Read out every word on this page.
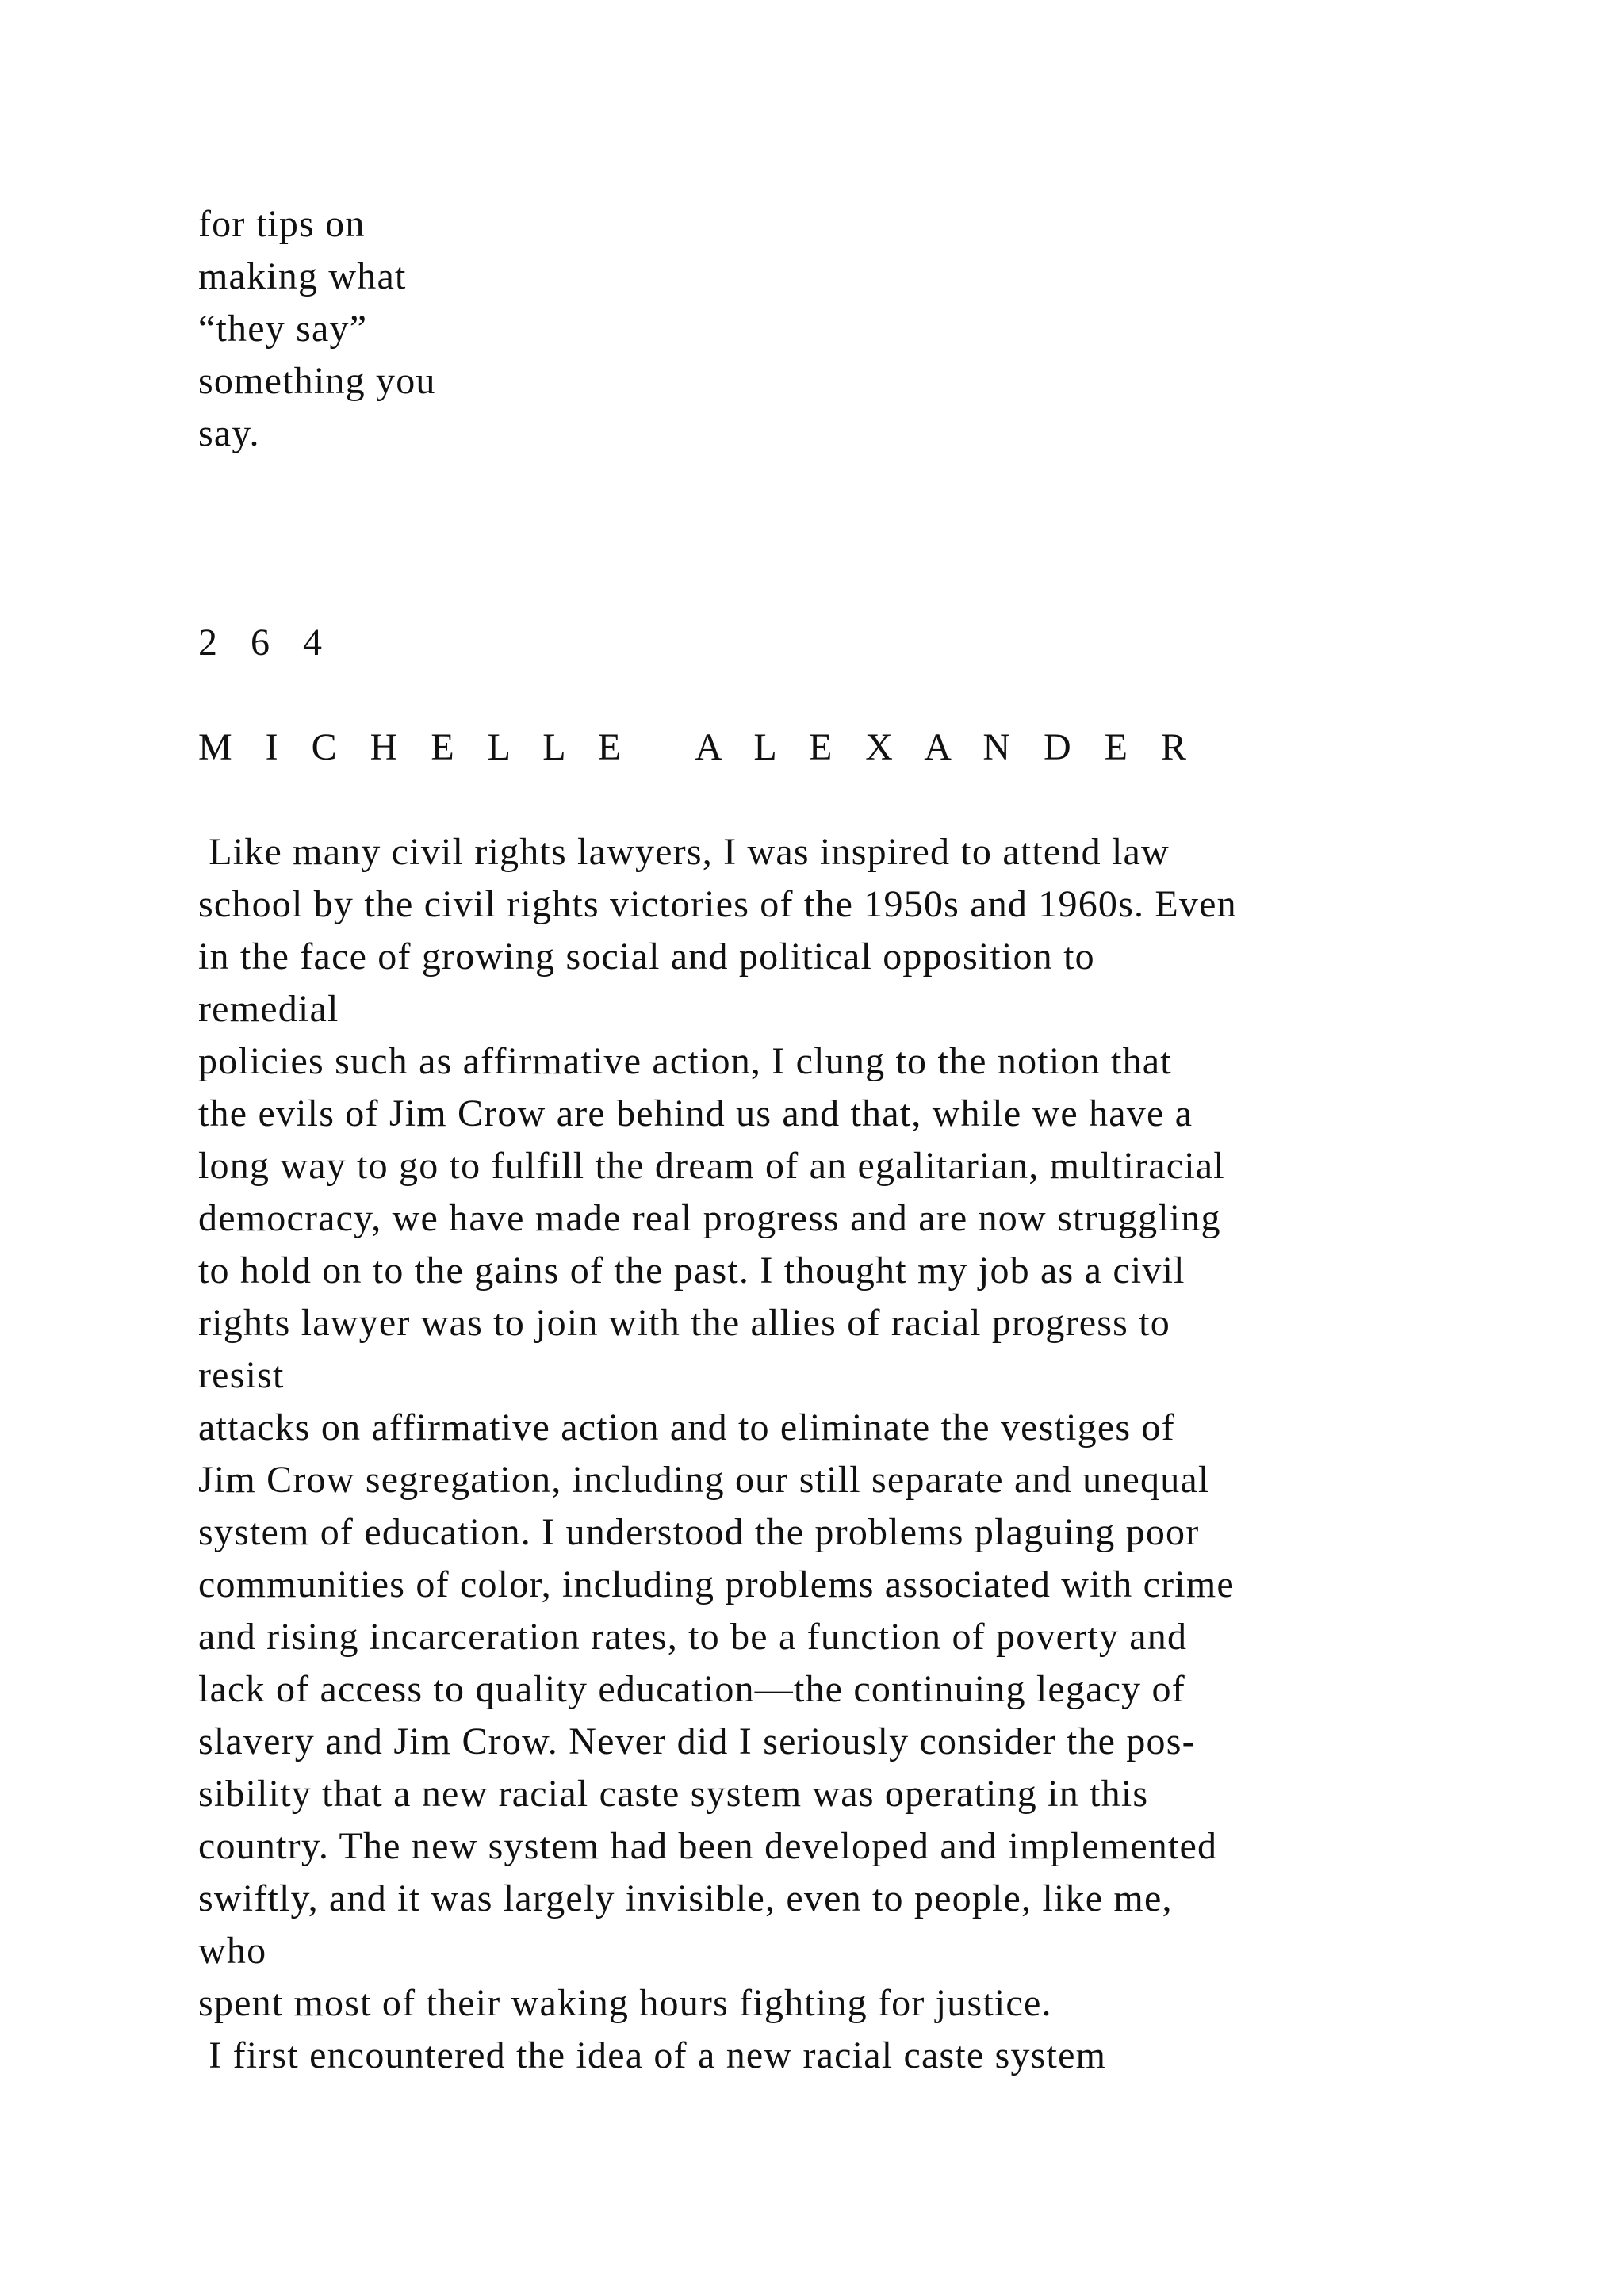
for tips on
making what
“they say”
something you
say.
2 6 4
M I C H E L L E   A L E X A N D E R
Like many civil rights lawyers, I was inspired to attend law
school by the civil rights victories of the 1950s and 1960s. Even
in the face of growing social and political opposition to
remedial
policies such as affirmative action, I clung to the notion that
the evils of Jim Crow are behind us and that, while we have a
long way to go to fulfill the dream of an egalitarian, multiracial
democracy, we have made real progress and are now struggling
to hold on to the gains of the past. I thought my job as a civil
rights lawyer was to join with the allies of racial progress to
resist
attacks on affirmative action and to eliminate the vestiges of
Jim Crow segregation, including our still separate and unequal
system of education. I understood the problems plaguing poor
communities of color, including problems associated with crime
and rising incarceration rates, to be a function of poverty and
lack of access to quality education—the continuing legacy of
slavery and Jim Crow. Never did I seriously consider the pos-
sibility that a new racial caste system was operating in this
country. The new system had been developed and implemented
swiftly, and it was largely invisible, even to people, like me,
who
spent most of their waking hours fighting for justice.
I first encountered the idea of a new racial caste system
